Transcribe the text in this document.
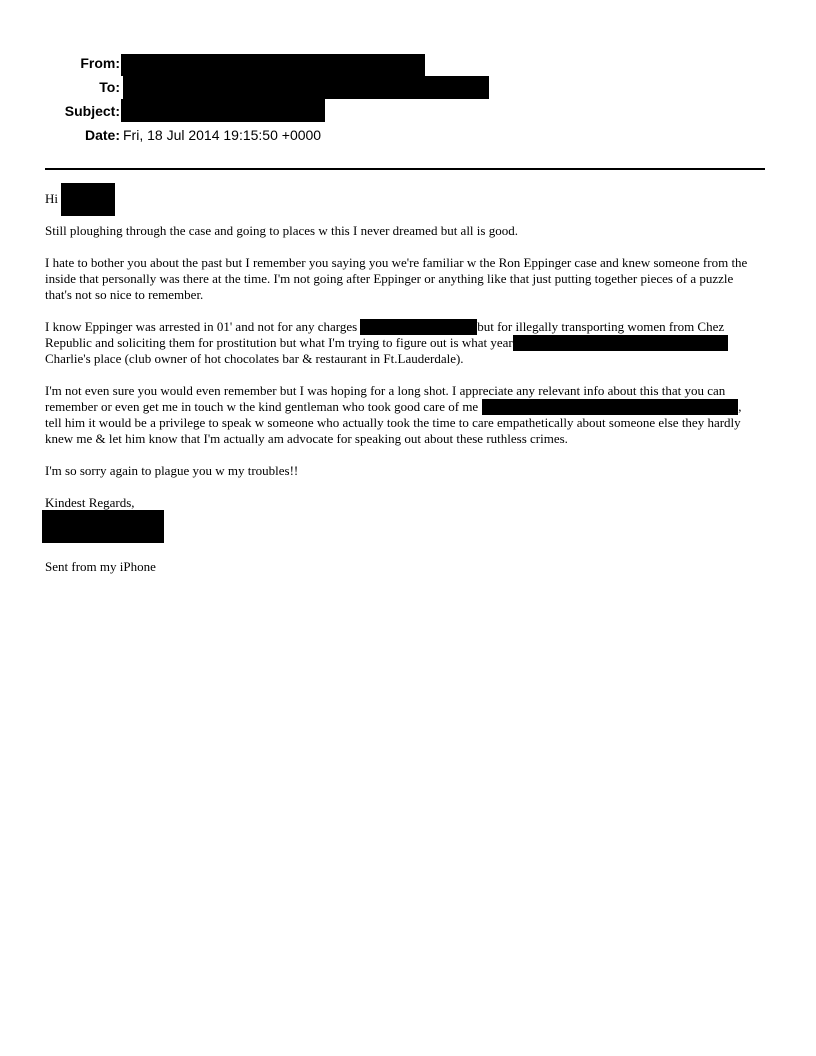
From:
To:
Subject:
Date: Fri, 18 Jul 2014 19:15:50 +0000
Hi
Still ploughing through the case and going to places w this I never dreamed but all is good.
I hate to bother you about the past but I remember you saying you we're familiar w the Ron Eppinger case and knew someone from the
inside that personally was there at the time. I'm not going after Eppinger or anything like that just putting together pieces of a puzzle
that's not so nice to remember.
I know Eppinger was arrested in 01' and not for any charges	but for illegally transporting women from Chez
Republic and soliciting them for prostitution but what I'm trying to figure out is what year
Charlie's place (club owner of hot chocolates bar & restaurant in Ft.Lauderdale).
I'm not even sure you would even remember but I was hoping for a long shot. I appreciate any relevant info about this that you can
remember or even get me in touch w the kind gentleman who took good care of me	,
tell him it would be a privilege to speak w someone who actually took the time to care empathetically about someone else they hardly
knew me & let him know that I'm actually am advocate for speaking out about these ruthless crimes.
I'm so sorry again to plague you w my troubles!!
Kindest Regards,
Sent from my iPhone
